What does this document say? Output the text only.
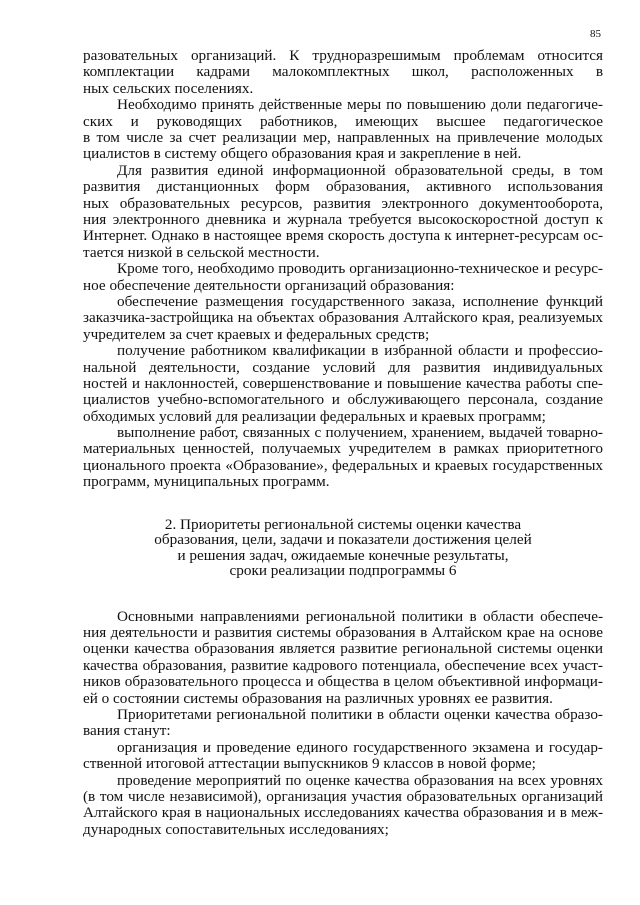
85
разовательных организаций. К трудноразрешимым проблемам относится
комплектации кадрами малокомплектных школ, расположенных в
ных сельских поселениях.
Необходимо принять действенные меры по повышению доли педагогиче-
ских и руководящих работников, имеющих высшее педагогическое
в том числе за счет реализации мер, направленных на привлечение молодых
циалистов в систему общего образования края и закрепление в ней.
Для развития единой информационной образовательной среды, в том
развития дистанционных форм образования, активного использования
ных образовательных ресурсов, развития электронного документооборота,
ния электронного дневника и журнала требуется высокоскоростной доступ к
Интернет. Однако в настоящее время скорость доступа к интернет-ресурсам ос-
тается низкой в сельской местности.
Кроме того, необходимо проводить организационно-техническое и ресурс-
ное обеспечение деятельности организаций образования:
обеспечение размещения государственного заказа, исполнение функций
заказчика-застройщика на объектах образования Алтайского края, реализуемых
учредителем за счет краевых и федеральных средств;
получение работником квалификации в избранной области и профессио-
нальной деятельности, создание условий для развития индивидуальных
ностей и наклонностей, совершенствование и повышение качества работы спе-
циалистов учебно-вспомогательного и обслуживающего персонала, создание
обходимых условий для реализации федеральных и краевых программ;
выполнение работ, связанных с получением, хранением, выдачей товарно-
материальных ценностей, получаемых учредителем в рамках приоритетного
ционального проекта «Образование», федеральных и краевых государственных
программ, муниципальных программ.
2. Приоритеты региональной системы оценки качества
образования, цели, задачи и показатели достижения целей
и решения задач, ожидаемые конечные результаты,
сроки реализации подпрограммы 6
Основными направлениями региональной политики в области обеспече-
ния деятельности и развития системы образования в Алтайском крае на основе
оценки качества образования является развитие региональной системы оценки
качества образования, развитие кадрового потенциала, обеспечение всех участ-
ников образовательного процесса и общества в целом объективной информаци-
ей о состоянии системы образования на различных уровнях ее развития.
Приоритетами региональной политики в области оценки качества образо-
вания станут:
организация и проведение единого государственного экзамена и государ-
ственной итоговой аттестации выпускников 9 классов в новой форме;
проведение мероприятий по оценке качества образования на всех уровнях
(в том числе независимой), организация участия образовательных организаций
Алтайского края в национальных исследованиях качества образования и в меж-
дународных сопоставительных исследованиях;
